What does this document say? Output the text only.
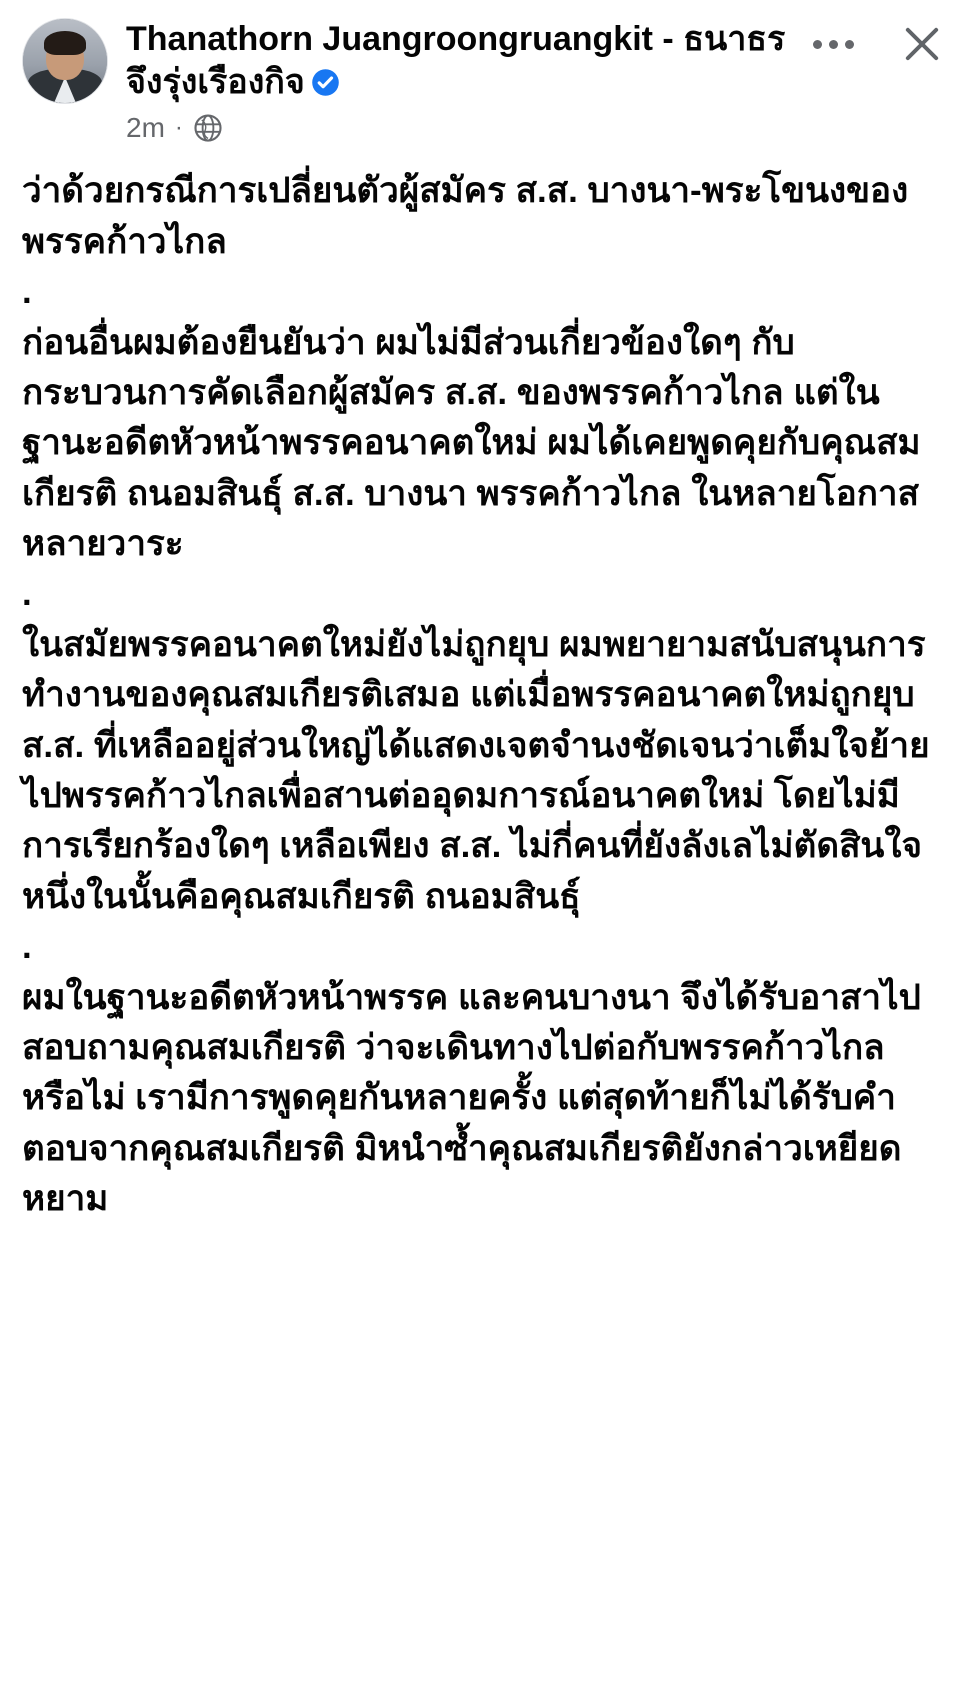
Thanathorn Juangroongruangkit - ธนาธร จึงรุ่งเรืองกิจ
2m ·

ว่าด้วยกรณีการเปลี่ยนตัวผู้สมัคร ส.ส. บางนา-พระโขนงของพรรคก้าวไกล

.

ก่อนอื่นผมต้องยืนยันว่า ผมไม่มีส่วนเกี่ยวข้องใดๆ กับกระบวนการคัดเลือกผู้สมัคร ส.ส. ของพรรคก้าวไกล แต่ในฐานะอดีตหัวหน้าพรรคอนาคตใหม่ ผมได้เคยพูดคุยกับคุณสมเกียรติ ถนอมสินธุ์ ส.ส. บางนา พรรคก้าวไกล ในหลายโอกาส หลายวาระ

.

ในสมัยพรรคอนาคตใหม่ยังไม่ถูกยุบ ผมพยายามสนับสนุนการทำงานของคุณสมเกียรติเสมอ แต่เมื่อพรรคอนาคตใหม่ถูกยุบ ส.ส. ที่เหลืออยู่ส่วนใหญ่ได้แสดงเจตจำนงชัดเจนว่าเต็มใจย้ายไปพรรคก้าวไกลเพื่อสานต่ออุดมการณ์อนาคตใหม่ โดยไม่มีการเรียกร้องใดๆ เหลือเพียง ส.ส. ไม่กี่คนที่ยังลังเลไม่ตัดสินใจ หนึ่งในนั้นคือคุณสมเกียรติ ถนอมสินธุ์

.

ผมในฐานะอดีตหัวหน้าพรรค และคนบางนา จึงได้รับอาสาไปสอบถามคุณสมเกียรติ ว่าจะเดินทางไปต่อกับพรรคก้าวไกลหรือไม่ เรามีการพูดคุยกันหลายครั้ง แต่สุดท้ายก็ไม่ได้รับคำตอบจากคุณสมเกียรติ มิหนำซ้ำคุณสมเกียรติยังกล่าวเหยียดหยาม
